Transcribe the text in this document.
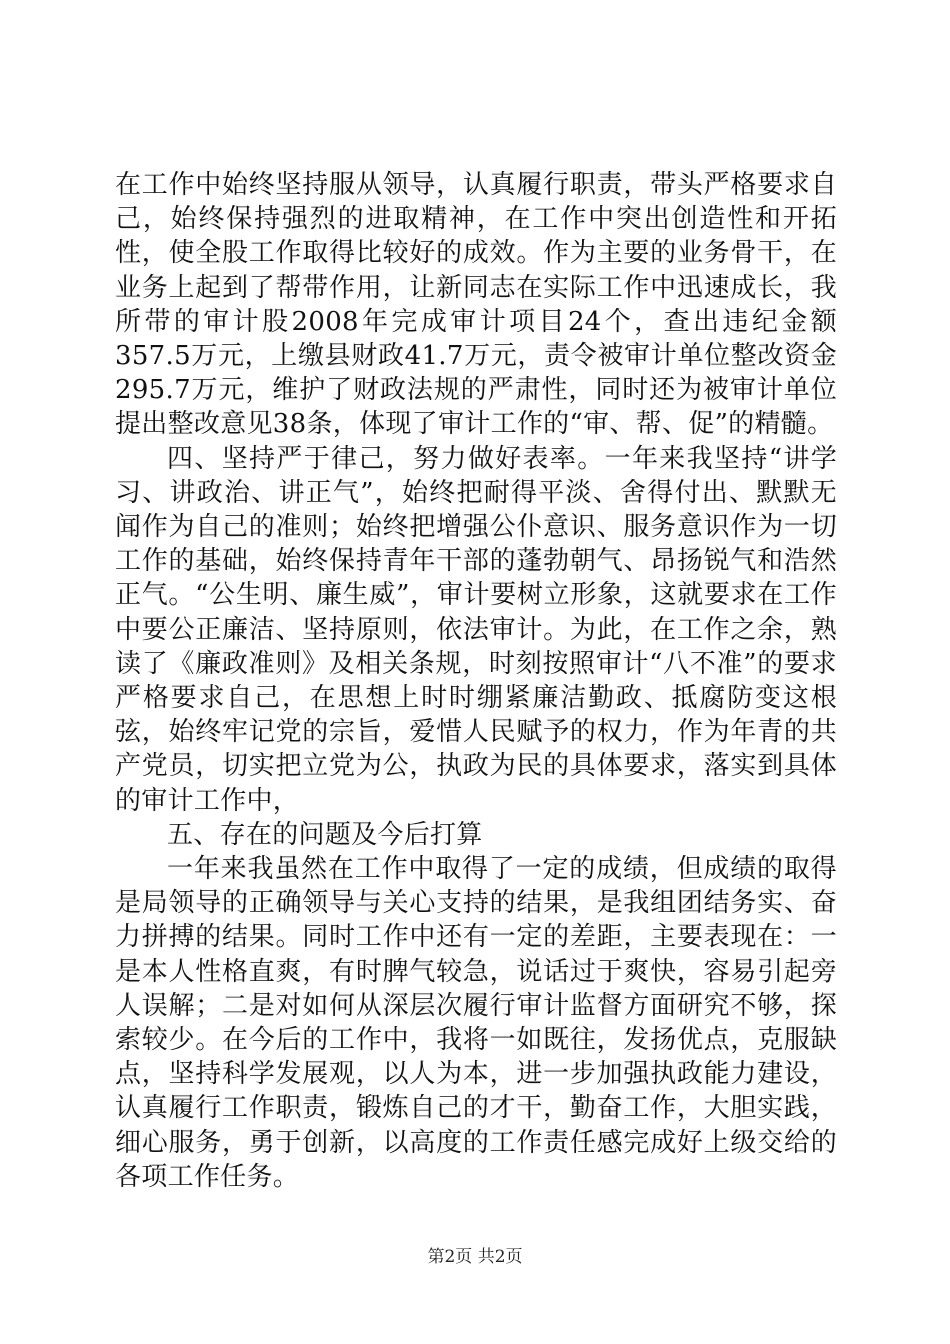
在工作中始终坚持服从领导，认真履行职责，带头严格要求自己，始终保持强烈的进取精神，在工作中突出创造性和开拓性，使全股工作取得比较好的成效。作为主要的业务骨干，在业务上起到了帮带作用，让新同志在实际工作中迅速成长，我所带的审计股2008年完成审计项目24个，查出违纪金额357.5万元，上缴县财政41.7万元，责令被审计单位整改资金295.7万元，维护了财政法规的严肃性，同时还为被审计单位提出整改意见38条，体现了审计工作的“审、帮、促”的精髓。

四、坚持严于律己，努力做好表率。一年来我坚持“讲学习、讲政治、讲正气”，始终把耐得平淡、舍得付出、默默无闻作为自己的准则；始终把增强公仆意识、服务意识作为一切工作的基础，始终保持青年干部的蓬勃朝气、昂扬锐气和浩然正气。“公生明、廉生威”，审计要树立形象，这就要求在工作中要公正廉洁、坚持原则，依法审计。为此，在工作之余，熟读了《廉政准则》及相关条规，时刻按照审计“八不准”的要求严格要求自己，在思想上时时绷紧廉洁勤政、抵腐防变这根弦，始终牢记党的宗旨，爱惜人民赋予的权力，作为年青的共产党员，切实把立党为公，执政为民的具体要求，落实到具体的审计工作中，

五、存在的问题及今后打算

一年来我虽然在工作中取得了一定的成绩，但成绩的取得是局领导的正确领导与关心支持的结果，是我组团结务实、奋力拼搏的结果。同时工作中还有一定的差距，主要表现在：一是本人性格直爽，有时脾气较急，说话过于爽快，容易引起旁人误解；二是对如何从深层次履行审计监督方面研究不够，探索较少。在今后的工作中，我将一如既往，发扬优点，克服缺点，坚持科学发展观，以人为本，进一步加强执政能力建设，认真履行工作职责，锻炼自己的才干，勤奋工作，大胆实践，细心服务，勇于创新，以高度的工作责任感完成好上级交给的各项工作任务。

第2页 共2页
